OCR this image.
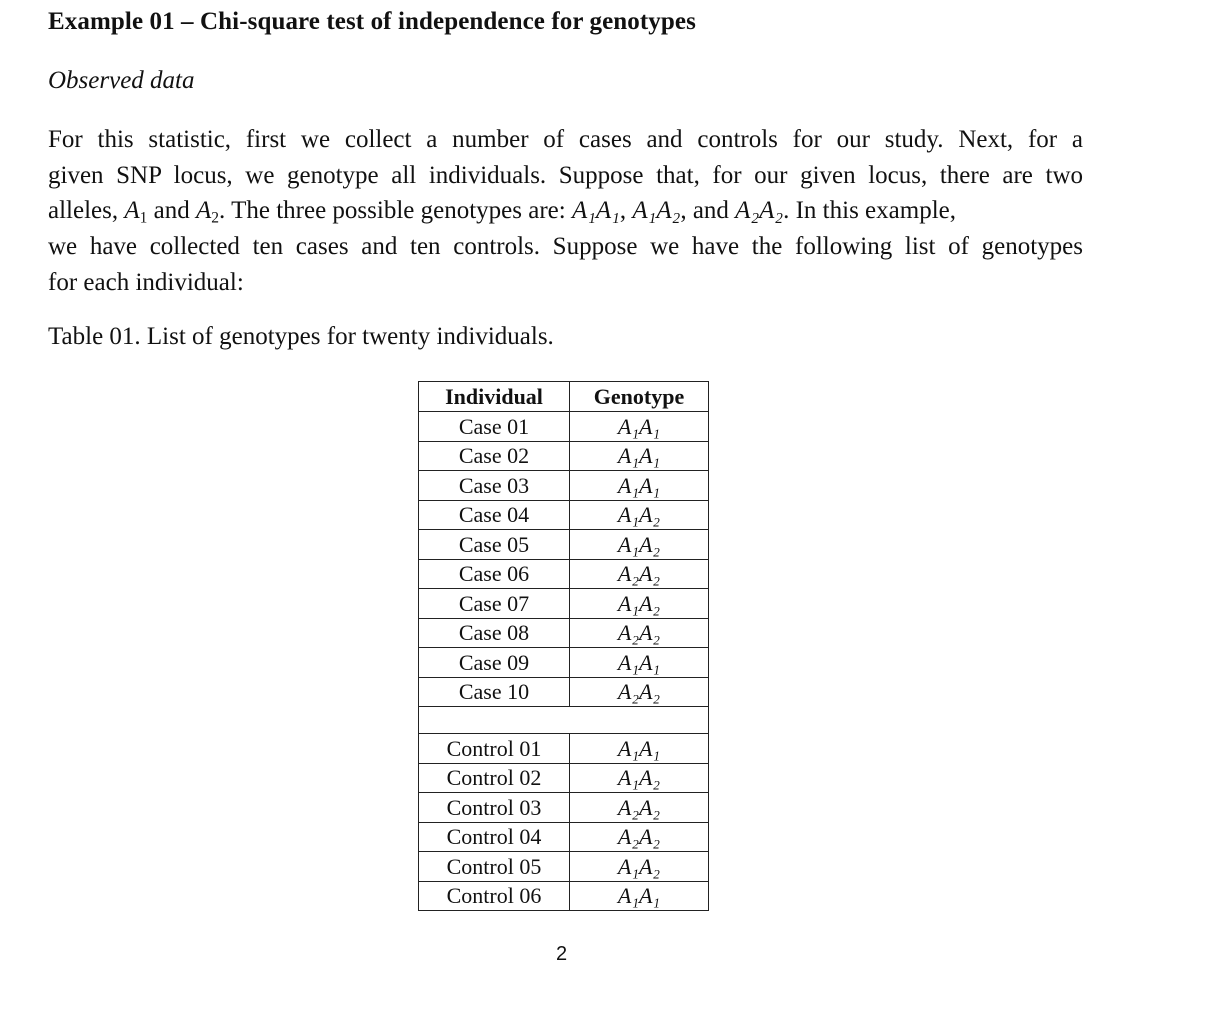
Example 01 – Chi-square test of independence for genotypes
Observed data
For this statistic, first we collect a number of cases and controls for our study. Next, for a
given SNP locus, we genotype all individuals. Suppose that, for our given locus, there are two
alleles, $A_1$ and $A_2$. The three possible genotypes are: A₁A₁, A₁A₂, and A₂A₂. In this example,
we have collected ten cases and ten controls. Suppose we have the following list of genotypes
for each individual:
Table 01. List of genotypes for twenty individuals.
Individual	Genotype
Case 01	A₁A₁
Case 02	A₁A₁
Case 03	A₁A₁
Case 04	A₁A₂
Case 05	A₁A₂
Case 06	A₂A₂
Case 07	A₁A₂
Case 08	A₂A₂
Case 09	A₁A₁
Case 10	A₂A₂

Control 01	A₁A₁
Control 02	A₁A₂
Control 03	A₂A₂
Control 04	A₂A₂
Control 05	A₁A₂
Control 06	A₁A₁
2
